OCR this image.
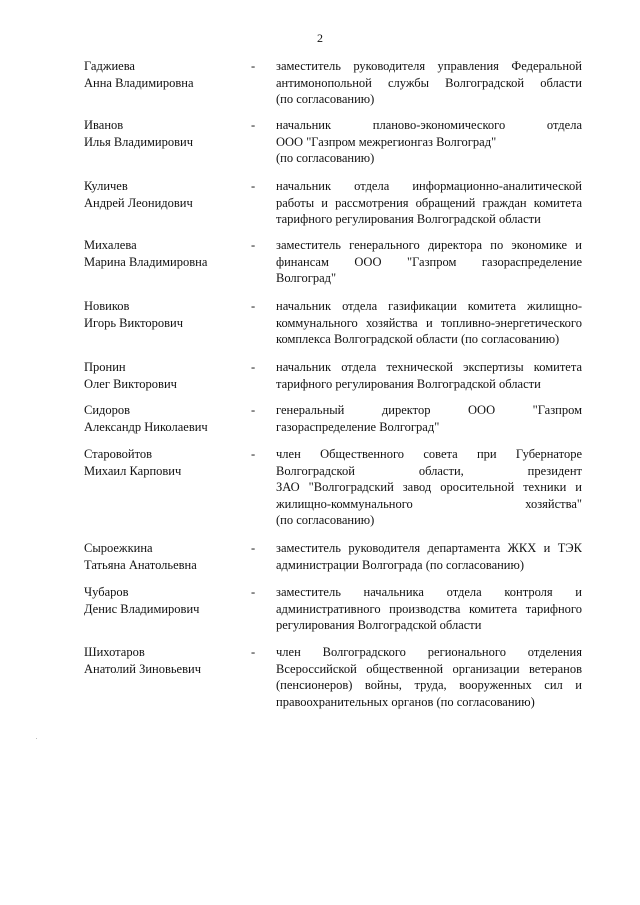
2
Гаджиева
Анна Владимировна
- заместитель руководителя управления Федеральной
антимонопольной службы Волгоградской области
(по согласованию)
Иванов
Илья Владимирович
- начальник планово-экономического отдела
ООО "Газпром межрегионгаз Волгоград"
(по согласованию)
Куличев
Андрей Леонидович
- начальник отдела информационно-аналитической
работы и рассмотрения обращений граждан комитета
тарифного регулирования Волгоградской области
Михалева
Марина Владимировна
- заместитель генерального директора по экономике и
финансам ООО "Газпром газораспределение
Волгоград"
Новиков
Игорь Викторович
- начальник отдела газификации комитета жилищно-
коммунального хозяйства и топливно-энергетического
комплекса Волгоградской области (по согласованию)
Пронин
Олег Викторович
- начальник отдела технической экспертизы комитета
тарифного регулирования Волгоградской области
Сидоров
Александр Николаевич
- генеральный директор ООО "Газпром
газораспределение Волгоград"
Старовойтов
Михаил Карпович
- член Общественного совета при Губернаторе
Волгоградской области, президент
ЗАО "Волгоградский завод оросительной техники и
жилищно-коммунального хозяйства"
(по согласованию)
Сыроежкина
Татьяна Анатольевна
- заместитель руководителя департамента ЖКХ и ТЭК
администрации Волгограда (по согласованию)
Чубаров
Денис Владимирович
- заместитель начальника отдела контроля и
административного производства комитета тарифного
регулирования Волгоградской области
Шихотаров
Анатолий Зиновьевич
- член Волгоградского регионального отделения
Всероссийской общественной организации ветеранов
(пенсионеров) войны, труда, вооруженных сил и
правоохранительных органов (по согласованию)
